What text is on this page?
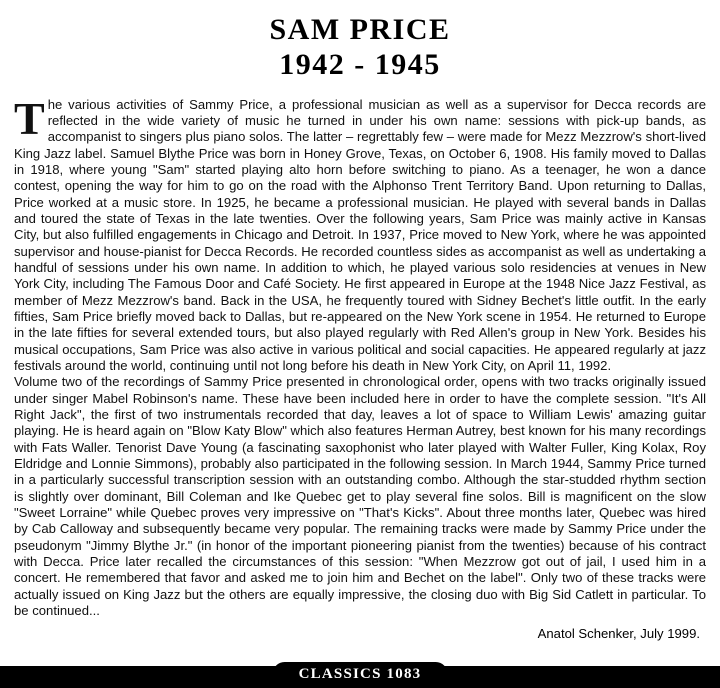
SAM PRICE
1942 - 1945

The various activities of Sammy Price, a professional musician as well as a supervisor for Decca records are reflected in the wide variety of music he turned in under his own name: sessions with pick-up bands, as accompanist to singers plus piano solos. The latter – regrettably few – were made for Mezz Mezzrow's short-lived King Jazz label. Samuel Blythe Price was born in Honey Grove, Texas, on October 6, 1908. His family moved to Dallas in 1918, where young "Sam" started playing alto horn before switching to piano. As a teenager, he won a dance contest, opening the way for him to go on the road with the Alphonso Trent Territory Band. Upon returning to Dallas, Price worked at a music store. In 1925, he became a professional musician. He played with several bands in Dallas and toured the state of Texas in the late twenties. Over the following years, Sam Price was mainly active in Kansas City, but also fulfilled engagements in Chicago and Detroit. In 1937, Price moved to New York, where he was appointed supervisor and house-pianist for Decca Records. He recorded countless sides as accompanist as well as undertaking a handful of sessions under his own name. In addition to which, he played various solo residencies at venues in New York City, including The Famous Door and Café Society. He first appeared in Europe at the 1948 Nice Jazz Festival, as member of Mezz Mezzrow's band. Back in the USA, he frequently toured with Sidney Bechet's little outfit. In the early fifties, Sam Price briefly moved back to Dallas, but re-appeared on the New York scene in 1954. He returned to Europe in the late fifties for several extended tours, but also played regularly with Red Allen's group in New York. Besides his musical occupations, Sam Price was also active in various political and social capacities. He appeared regularly at jazz festivals around the world, continuing until not long before his death in New York City, on April 11, 1992.

Volume two of the recordings of Sammy Price presented in chronological order, opens with two tracks originally issued under singer Mabel Robinson's name. These have been included here in order to have the complete session. "It's All Right Jack", the first of two instrumentals recorded that day, leaves a lot of space to William Lewis' amazing guitar playing. He is heard again on "Blow Katy Blow" which also features Herman Autrey, best known for his many recordings with Fats Waller. Tenorist Dave Young (a fascinating saxophonist who later played with Walter Fuller, King Kolax, Roy Eldridge and Lonnie Simmons), probably also participated in the following session. In March 1944, Sammy Price turned in a particularly successful transcription session with an outstanding combo. Although the star-studded rhythm section is slightly over dominant, Bill Coleman and Ike Quebec get to play several fine solos. Bill is magnificent on the slow "Sweet Lorraine" while Quebec proves very impressive on "That's Kicks". About three months later, Quebec was hired by Cab Calloway and subsequently became very popular. The remaining tracks were made by Sammy Price under the pseudonym "Jimmy Blythe Jr." (in honor of the important pioneering pianist from the twenties) because of his contract with Decca. Price later recalled the circumstances of this session: "When Mezzrow got out of jail, I used him in a concert. He remembered that favor and asked me to join him and Bechet on the label". Only two of these tracks were actually issued on King Jazz but the others are equally impressive, the closing duo with Big Sid Catlett in particular. To be continued...

Anatol Schenker, July 1999.
CLASSICS 1083
